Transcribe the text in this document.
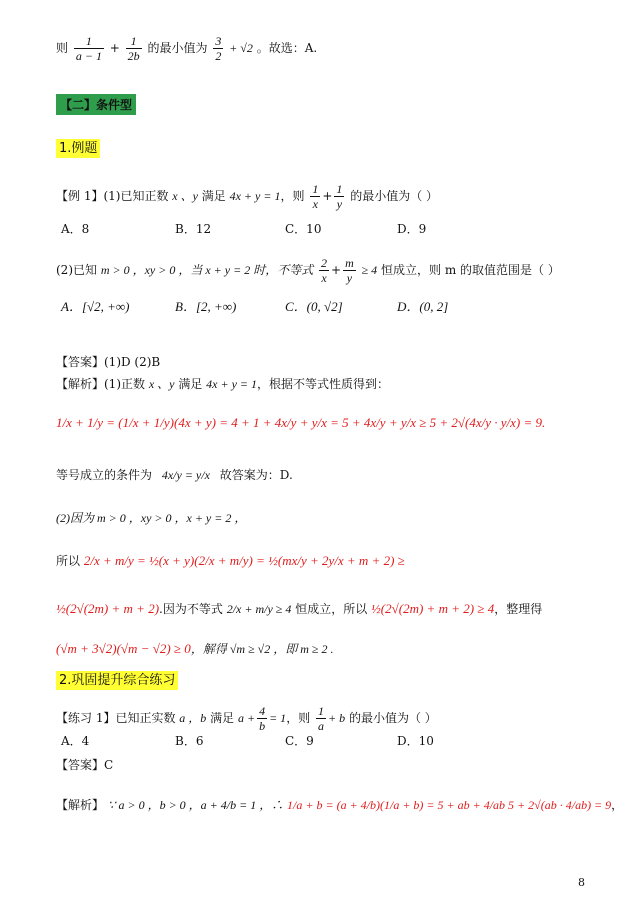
则 $\frac{1}{a - 1} + \frac{1}{2b}$ 的最小值为 $\frac{3}{2} + √2$ 。故选：A.
【二】条件型
1.例题
【例 1】(1)已知正数 x 、y 满足 4x + y = 1，则 $\frac{1}{x} + \frac{1}{y}$ 的最小值为（ ）
A．8	B．12	C．10	D．9
(2)已知 m > 0 ，xy > 0 ，当 x + y = 2 时，不等式 $\frac{2}{x} + \frac{m}{y} \ge 4$ 恒成立，则 m 的取值范围是（ ）
A．[√2, +∞)	B．[2, +∞)	C．(0, √2]	D．(0, 2]
【答案】(1)D (2)B
【解析】(1)正数 x 、y 满足 4x + y = 1，根据不等式性质得到：
1/x + 1/y = (1/x + 1/y)(4x + y) = 4 + 1 + 4x/y + y/x = 5 + 4x/y + y/x ≥ 5 + 2√(4x/y · y/x) = 9.
等号成立的条件为 4x/y = y/x 故答案为：D.
(2)因为 m > 0 ，xy > 0 ，x + y = 2 ，
所以 2/x + m/y = ½(x + y)(2/x + m/y) = ½(mx/y + 2y/x + m + 2) ≥
½(2√(2m) + m + 2).因为不等式 2/x + m/y ≥ 4 恒成立，所以 ½(2√(2m) + m + 2) ≥ 4，整理得
(√m + 3√2)(√m − √2) ≥ 0，解得 √m ≥ √2 ，即 m ≥ 2 .
2.巩固提升综合练习
【练习 1】已知正实数 a ，b 满足 $a + \frac{4}{b} = 1$，则 $\frac{1}{a} + b$ 的最小值为（ ）
A．4	B．6	C．9	D．10
【答案】C
【解析】 ∵ a > 0 ，b > 0 ，a + 4/b = 1 ，∴ 1/a + b = (a + 4/b)(1/a + b) = 5 + ab + 4/ab 5 + 2√(ab · 4/ab) = 9，
8
